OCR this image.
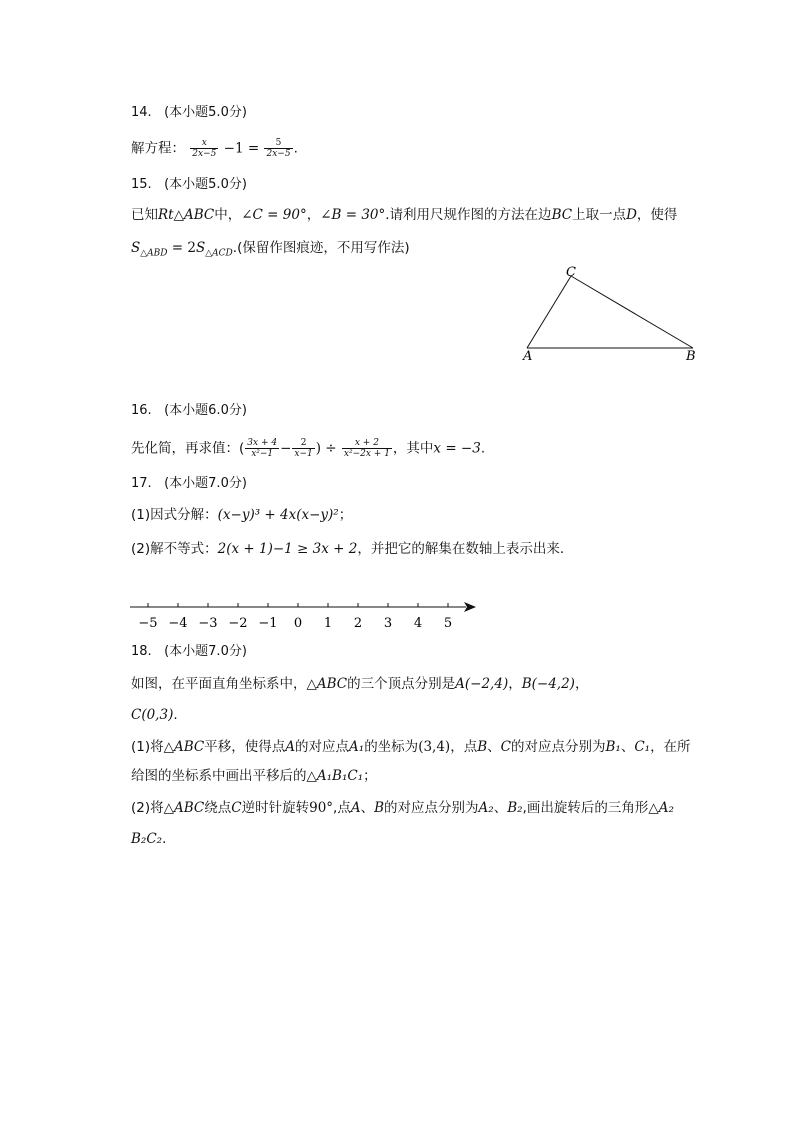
14. (本小题5.0分)
解方程： $\frac{x}{2x-5} -1 = \frac{5}{2x-5}$ .
15. (本小题5.0分)
已知Rt△ABC中，∠C = 90°，∠B = 30°.请利用尺规作图的方法在边BC上取一点D，使得
$S_{\triangle ABD} = 2S_{\triangle ACD}$.(保留作图痕迹，不用写作法)
C
A	B
16. (本小题6.0分)
先化简，再求值：( $\frac{3x + 4}{\text{x²−1}} - \frac{2}{x-1}$ ) ÷ $\frac{x + 2}{\text{x²−2x + 1}}$ ，其中x = −3.
17. (本小题7.0分)
(1)因式分解：(x−y)³ + 4x(x−y)²；
(2)解不等式：2(x + 1)−1 ≥ 3x + 2，并把它的解集在数轴上表示出来．
−5 −4 −3 −2 −1 0 1 2 3 4 5
18. (本小题7.0分)
如图，在平面直角坐标系中，△ABC的三个顶点分别是A(−2,4)，B(−4,2)，
C(0,3).
(1)将△ABC平移，使得点A的对应点A₁的坐标为(3,4)，点B、C的对应点分别为B₁、C₁，在所
给图的坐标系中画出平移后的△A₁B₁C₁；
(2)将△ABC绕点C逆时针旋转90°,点A、B的对应点分别为A₂、B₂,画出旋转后的三角形△A₂
B₂C₂.
